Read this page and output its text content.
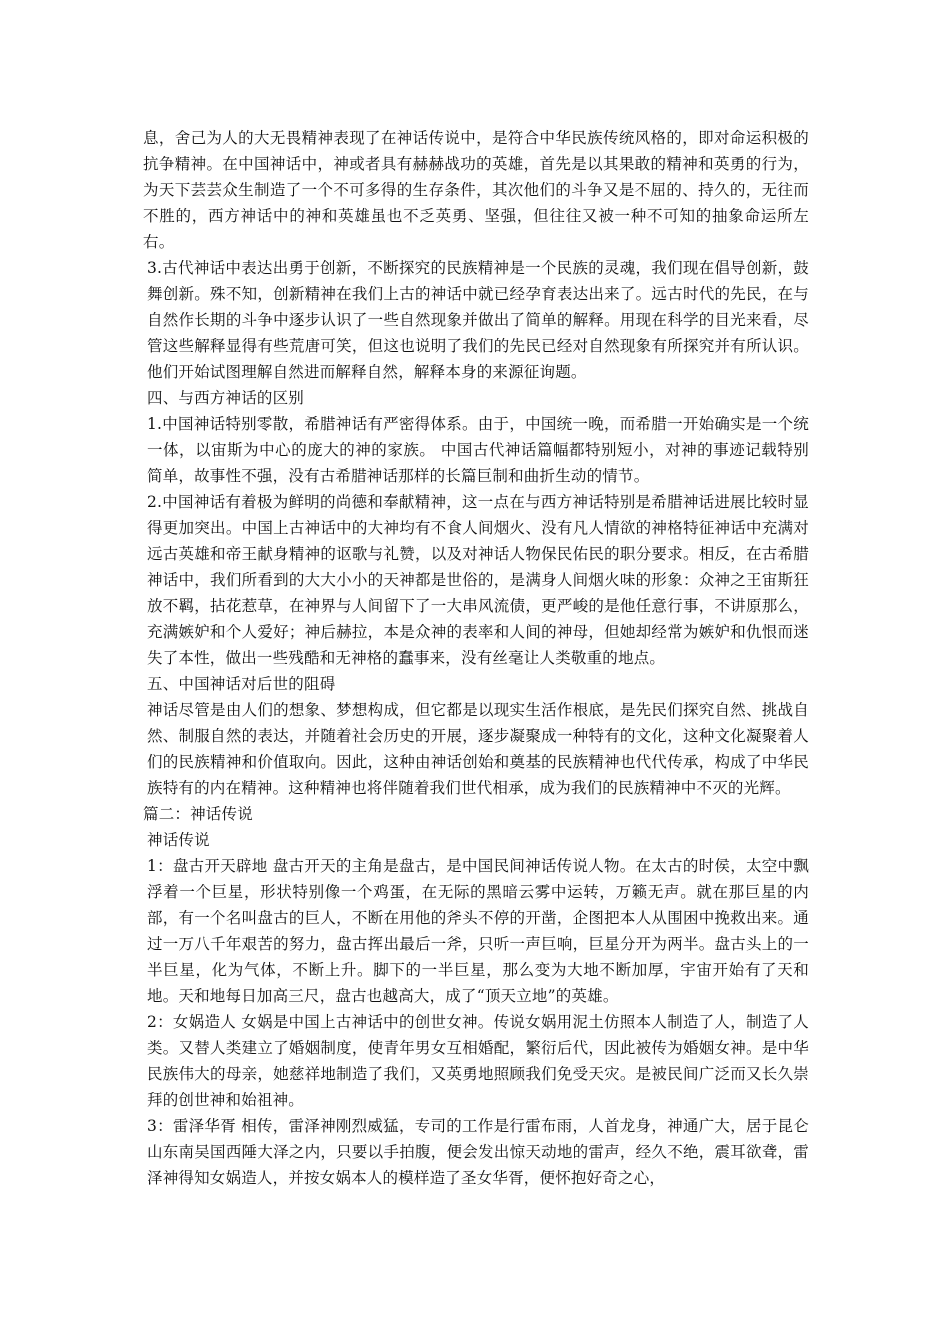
息，舍己为人的大无畏精神表现了在神话传说中，是符合中华民族传统风格的，即对命运积极的抗争精神。在中国神话中，神或者具有赫赫战功的英雄，首先是以其果敢的精神和英勇的行为，为天下芸芸众生制造了一个不可多得的生存条件，其次他们的斗争又是不屈的、持久的，无往而不胜的，西方神话中的神和英雄虽也不乏英勇、坚强，但往往又被一种不可知的抽象命运所左右。

3.古代神话中表达出勇于创新，不断探究的民族精神是一个民族的灵魂，我们现在倡导创新，鼓舞创新。殊不知，创新精神在我们上古的神话中就已经孕育表达出来了。远古时代的先民，在与自然作长期的斗争中逐步认识了一些自然现象并做出了简单的解释。用现在科学的目光来看，尽管这些解释显得有些荒唐可笑，但这也说明了我们的先民已经对自然现象有所探究并有所认识。他们开始试图理解自然进而解释自然，解释本身的来源征询题。

四、与西方神话的区别

1.中国神话特别零散，希腊神话有严密得体系。由于，中国统一晚，而希腊一开始确实是一个统一体，以宙斯为中心的庞大的神的家族。 中国古代神话篇幅都特别短小，对神的事迹记载特别简单，故事性不强，没有古希腊神话那样的长篇巨制和曲折生动的情节。

2.中国神话有着极为鲜明的尚德和奉献精神，这一点在与西方神话特别是希腊神话进展比较时显得更加突出。中国上古神话中的大神均有不食人间烟火、没有凡人情欲的神格特征神话中充满对远古英雄和帝王献身精神的讴歌与礼赞，以及对神话人物保民佑民的职分要求。相反，在古希腊神话中，我们所看到的大大小小的天神都是世俗的，是满身人间烟火味的形象：众神之王宙斯狂放不羁，拈花惹草，在神界与人间留下了一大串风流债，更严峻的是他任意行事，不讲原那么，充满嫉妒和个人爱好；神后赫拉，本是众神的表率和人间的神母，但她却经常为嫉妒和仇恨而迷失了本性，做出一些残酷和无神格的蠢事来，没有丝毫让人类敬重的地点。

五、中国神话对后世的阻碍

神话尽管是由人们的想象、梦想构成，但它都是以现实生活作根底，是先民们探究自然、挑战自然、制服自然的表达，并随着社会历史的开展，逐步凝聚成一种特有的文化，这种文化凝聚着人们的民族精神和价值取向。因此，这种由神话创始和奠基的民族精神也代代传承，构成了中华民族特有的内在精神。这种精神也将伴随着我们世代相承，成为我们的民族精神中不灭的光辉。

篇二：神话传说

神话传说

1：盘古开天辟地 盘古开天的主角是盘古，是中国民间神话传说人物。在太古的时侯，太空中飘浮着一个巨星，形状特别像一个鸡蛋，在无际的黑暗云雾中运转，万籁无声。就在那巨星的内部，有一个名叫盘古的巨人，不断在用他的斧头不停的开凿，企图把本人从围困中挽救出来。通过一万八千年艰苦的努力，盘古挥出最后一斧，只听一声巨响，巨星分开为两半。盘古头上的一半巨星，化为气体，不断上升。脚下的一半巨星，那么变为大地不断加厚，宇宙开始有了天和地。天和地每日加高三尺，盘古也越高大，成了“顶天立地”的英雄。

2：女娲造人 女娲是中国上古神话中的创世女神。传说女娲用泥土仿照本人制造了人，制造了人类。又替人类建立了婚姻制度，使青年男女互相婚配，繁衍后代，因此被传为婚姻女神。是中华民族伟大的母亲，她慈祥地制造了我们，又英勇地照顾我们免受天灾。是被民间广泛而又长久崇拜的创世神和始祖神。

3：雷泽华胥 相传，雷泽神刚烈威猛，专司的工作是行雷布雨，人首龙身，神通广大，居于昆仑山东南吴国西陲大泽之内，只要以手拍腹，便会发出惊天动地的雷声，经久不绝，震耳欲聋，雷泽神得知女娲造人，并按女娲本人的模样造了圣女华胥，便怀抱好奇之心，
